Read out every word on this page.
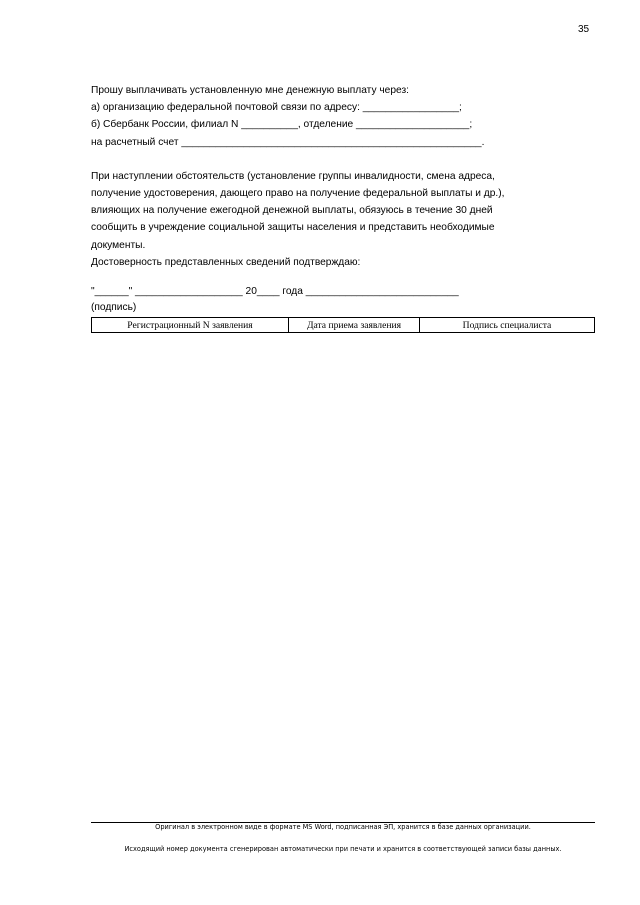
35
Прошу выплачивать установленную мне денежную выплату через:
а) организацию федеральной почтовой связи по адресу: _________________;
б) Сбербанк России, филиал N __________, отделение ____________________;
на расчетный счет _____________________________________________________.
При наступлении обстоятельств (установление группы инвалидности, смена адреса,
получение удостоверения, дающего право на получение федеральной выплаты и др.),
влияющих на получение ежегодной денежной выплаты, обязуюсь в течение 30 дней
сообщить в учреждение социальной защиты населения и представить необходимые
документы.
Достоверность представленных сведений подтверждаю:
"______" ___________________ 20____ года ___________________________
(подпись)
Регистрационный N заявления	Дата приема заявления	Подпись специалиста
Оригинал в электронном виде в формате MS Word, подписанная ЭП, хранится в базе данных организации.
Исходящий номер документа сгенерирован автоматически при печати и хранится в соответствующей записи базы данных.
